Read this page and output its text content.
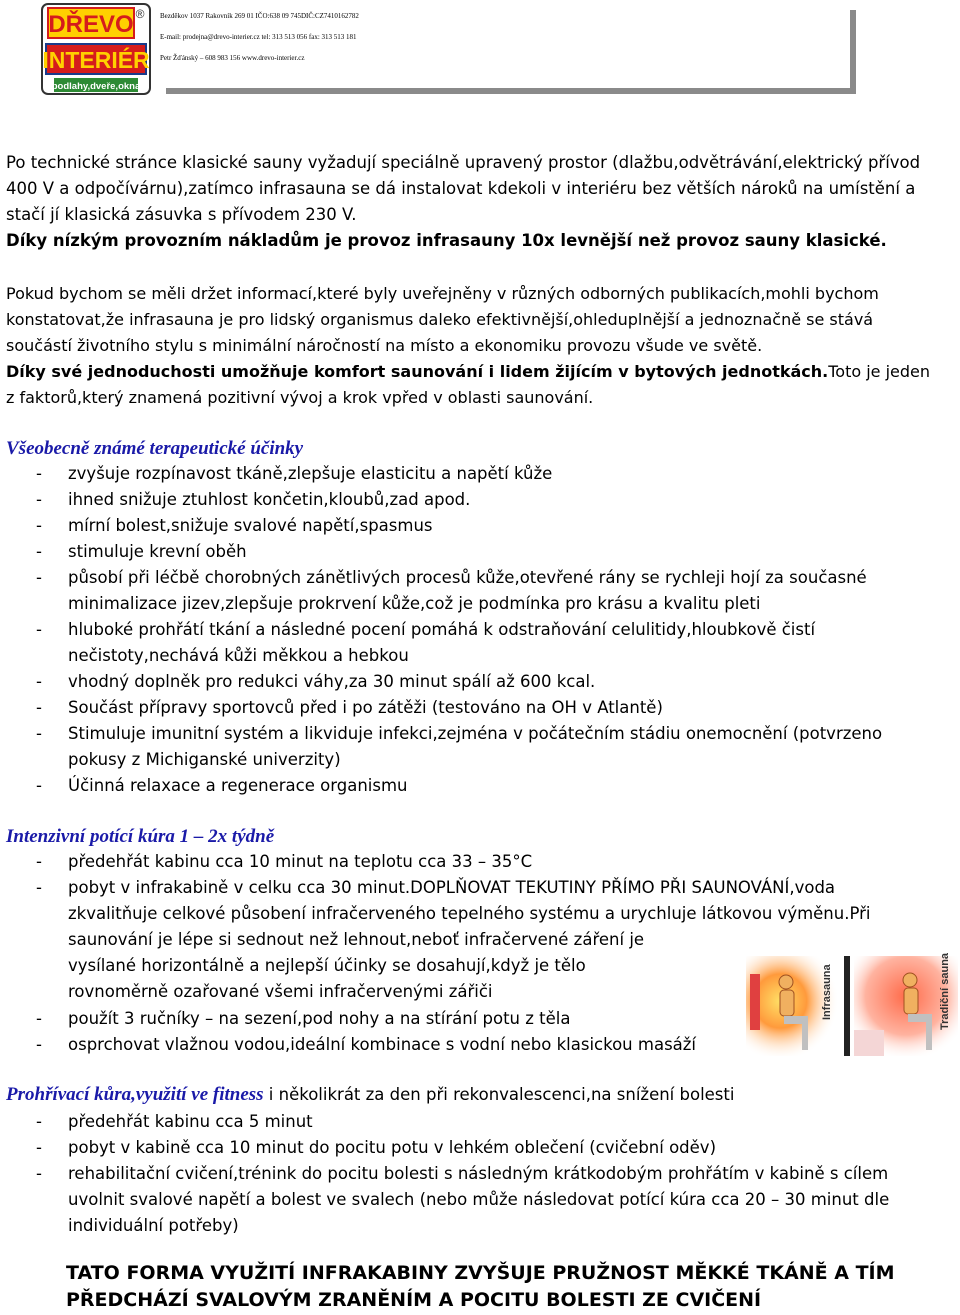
DŘEVO ®
INTERIÉR
podlahy,dveře,okna
Bezděkov 1037 Rakovník 269 01 IČO:638 09 745DIČ:CZ7410162782
E-mail: prodejna@drevo-interier.cz tel: 313 513 056 fax: 313 513 181
Petr Žďánský – 608 983 156 www.drevo-interier.cz
Po technické stránce klasické sauny vyžadují speciálně upravený prostor (dlažbu,odvětrávání,elektrický přívod
400 V a odpočívárnu),zatímco infrasauna se dá instalovat kdekoli v interiéru bez větších nároků na umístění a
stačí jí klasická zásuvka s přívodem 230 V.
Díky nízkým provozním nákladům je provoz infrasauny 10x levnější než provoz sauny klasické.
Pokud bychom se měli držet informací,které byly uveřejněny v různých odborných publikacích,mohli bychom
konstatovat,že infrasauna je pro lidský organismus daleko efektivnější,ohleduplnější a jednoznačně se stává
součástí životního stylu s minimální náročností na místo a ekonomiku provozu všude ve světě.
Díky své jednoduchosti umožňuje komfort saunování i lidem žijícím v bytových jednotkách.Toto je jeden
z faktorů,který znamená pozitivní vývoj a krok vpřed v oblasti saunování.
Všeobecně známé terapeutické účinky
- zvyšuje rozpínavost tkáně,zlepšuje elasticitu a napětí kůže
- ihned snižuje ztuhlost končetin,kloubů,zad apod.
- mírní bolest,snižuje svalové napětí,spasmus
- stimuluje krevní oběh
- působí při léčbě chorobných zánětlivých procesů kůže,otevřené rány se rychleji hojí za současné
minimalizace jizev,zlepšuje prokrvení kůže,což je podmínka pro krásu a kvalitu pleti
- hluboké prohřátí tkání a následné pocení pomáhá k odstraňování celulitidy,hloubkově čistí
nečistoty,nechává kůži měkkou a hebkou
- vhodný doplněk pro redukci váhy,za 30 minut spálí až 600 kcal.
- Součást přípravy sportovců před i po zátěži (testováno na OH v Atlantě)
- Stimuluje imunitní systém a likviduje infekci,zejména v počátečním stádiu onemocnění (potvrzeno
pokusy z Michiganské univerzity)
- Účinná relaxace a regenerace organismu
Intenzivní potící kúra 1 – 2x týdně
- předehřát kabinu cca 10 minut na teplotu cca 33 – 35°C
- pobyt v infrakabině v celku cca 30 minut.DOPLŇOVAT TEKUTINY PŘÍMO PŘI SAUNOVÁNÍ,voda
zkvalitňuje celkové působení infračerveného tepelného systému a urychluje látkovou výměnu.Při
saunování je lépe si sednout než lehnout,neboť infračervené záření je
vysílané horizontálně a nejlepší účinky se dosahují,když je tělo
rovnoměrně ozařované všemi infračervenými zářiči
- použít 3 ručníky – na sezení,pod nohy a na stírání potu z těla
- osprchovat vlažnou vodou,ideální kombinace s vodní nebo klasickou masáží
Infrasauna	Tradiční sauna
Prohřívací kůra,využití ve fitness i několikrát za den při rekonvalescenci,na snížení bolesti
- předehřát kabinu cca 5 minut
- pobyt v kabině cca 10 minut do pocitu potu v lehkém oblečení (cvičební oděv)
- rehabilitační cvičení,trénink do pocitu bolesti s následným krátkodobým prohřátím v kabině s cílem
uvolnit svalové napětí a bolest ve svalech (nebo může následovat potící kúra cca 20 – 30 minut dle
individuální potřeby)
TATO FORMA VYUŽITÍ INFRAKABINY ZVYŠUJE PRUŽNOST MĚKKÉ TKÁNĚ A TÍM
PŘEDCHÁZÍ SVALOVÝM ZRANĚNÍM A POCITU BOLESTI ZE CVIČENÍ
